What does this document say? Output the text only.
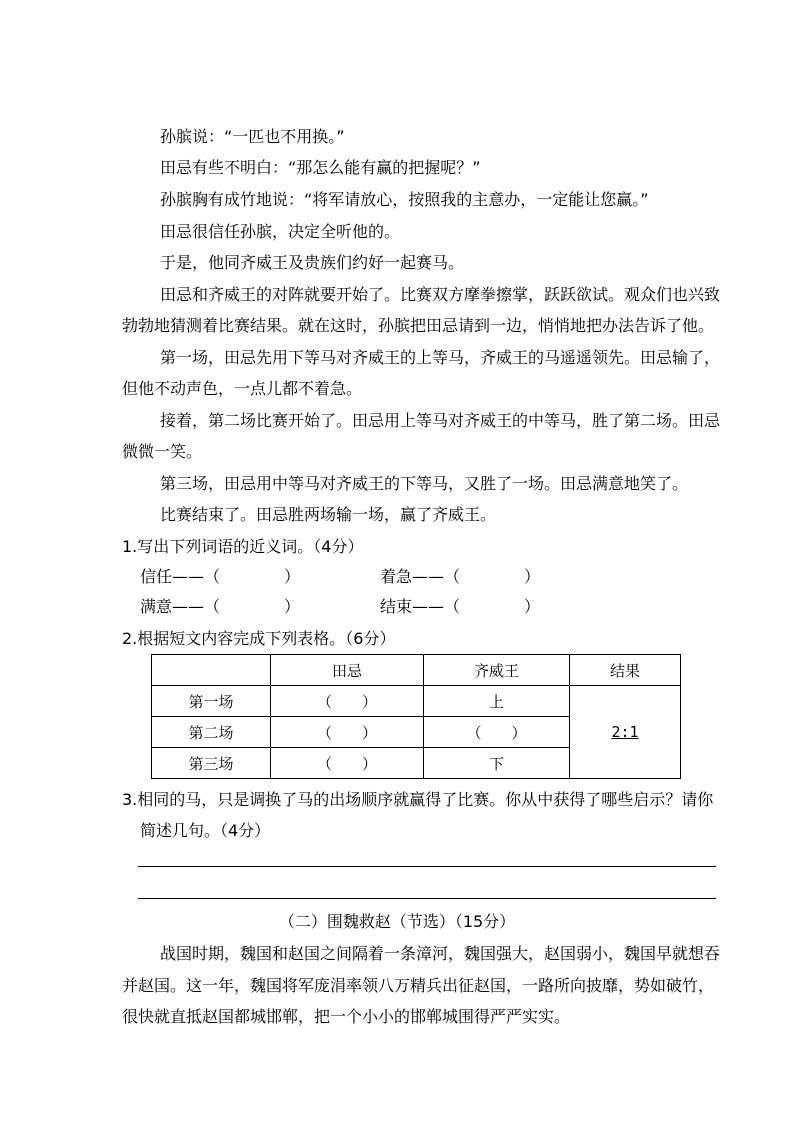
孙膑说：“一匹也不用换。”
田忌有些不明白：“那怎么能有赢的把握呢？”
孙膑胸有成竹地说：“将军请放心，按照我的主意办，一定能让您赢。”
田忌很信任孙膑，决定全听他的。
于是，他同齐威王及贵族们约好一起赛马。
田忌和齐威王的对阵就要开始了。比赛双方摩拳擦掌，跃跃欲试。观众们也兴致
勃勃地猜测着比赛结果。就在这时，孙膑把田忌请到一边，悄悄地把办法告诉了他。
第一场，田忌先用下等马对齐威王的上等马，齐威王的马遥遥领先。田忌输了，
但他不动声色，一点儿都不着急。
接着，第二场比赛开始了。田忌用上等马对齐威王的中等马，胜了第二场。田忌
微微一笑。
第三场，田忌用中等马对齐威王的下等马，又胜了一场。田忌满意地笑了。
比赛结束了。田忌胜两场输一场，赢了齐威王。
1.写出下列词语的近义词。（4分）
信任——（　　　　）	着急——（　　　　）
满意——（　　　　）	结束——（　　　　）
2.根据短文内容完成下列表格。（6分）
	田忌	齐威王	结果
第一场	（　　）	上	2:1
第二场	（　　）	（　　）	
第三场	（　　）	下	
3.相同的马，只是调换了马的出场顺序就赢得了比赛。你从中获得了哪些启示？请你
简述几句。（4分）
（二）围魏救赵（节选）（15分）
战国时期，魏国和赵国之间隔着一条漳河，魏国强大，赵国弱小，魏国早就想吞
并赵国。这一年，魏国将军庞涓率领八万精兵出征赵国，一路所向披靡，势如破竹，
很快就直抵赵国都城邯郸，把一个小小的邯郸城围得严严实实。
